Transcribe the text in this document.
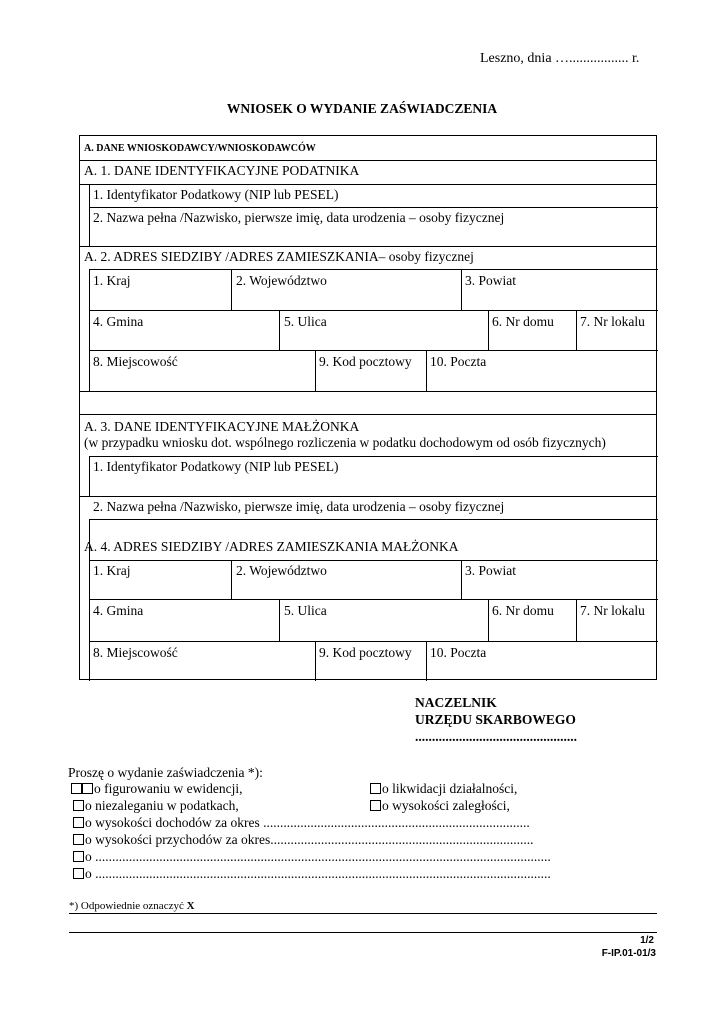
Leszno, dnia …................. r.
WNIOSEK O WYDANIE ZAŚWIADCZENIA
A. DANE WNIOSKODAWCY/WNIOSKODAWCÓW
A. 1. DANE IDENTYFIKACYJNE PODATNIKA
1. Identyfikator Podatkowy (NIP lub PESEL)
2. Nazwa pełna /Nazwisko, pierwsze imię, data urodzenia – osoby fizycznej
A. 2. ADRES SIEDZIBY /ADRES ZAMIESZKANIA– osoby fizycznej
1. Kraj	2. Województwo	3. Powiat
4. Gmina	5. Ulica	6. Nr domu 7. Nr lokalu
8. Miejscowość	9. Kod pocztowy 10. Poczta
A. 3. DANE IDENTYFIKACYJNE MAŁŻONKA
(w przypadku wniosku dot. wspólnego rozliczenia w podatku dochodowym od osób fizycznych)
1. Identyfikator Podatkowy (NIP lub PESEL)
2. Nazwa pełna /Nazwisko, pierwsze imię, data urodzenia – osoby fizycznej
A. 4. ADRES SIEDZIBY /ADRES ZAMIESZKANIA MAŁŻONKA
1. Kraj	2. Województwo	3. Powiat
4. Gmina	5. Ulica	6. Nr domu 7. Nr lokalu
8. Miejscowość	9. Kod pocztowy 10. Poczta
NACZELNIK
URZĘDU SKARBOWEGO
................................................
Proszę o wydanie zaświadczenia *):
o figurowaniu w ewidencji,	o likwidacji działalności,
o niezaleganiu w podatkach,	o wysokości zaległości,
o wysokości dochodów za okres ...............................................................................
o wysokości przychodów za okres..............................................................................
o .......................................................................................................................................
o .......................................................................................................................................
*) Odpowiednie oznaczyć X
1/2
F-IP.01-01/3
